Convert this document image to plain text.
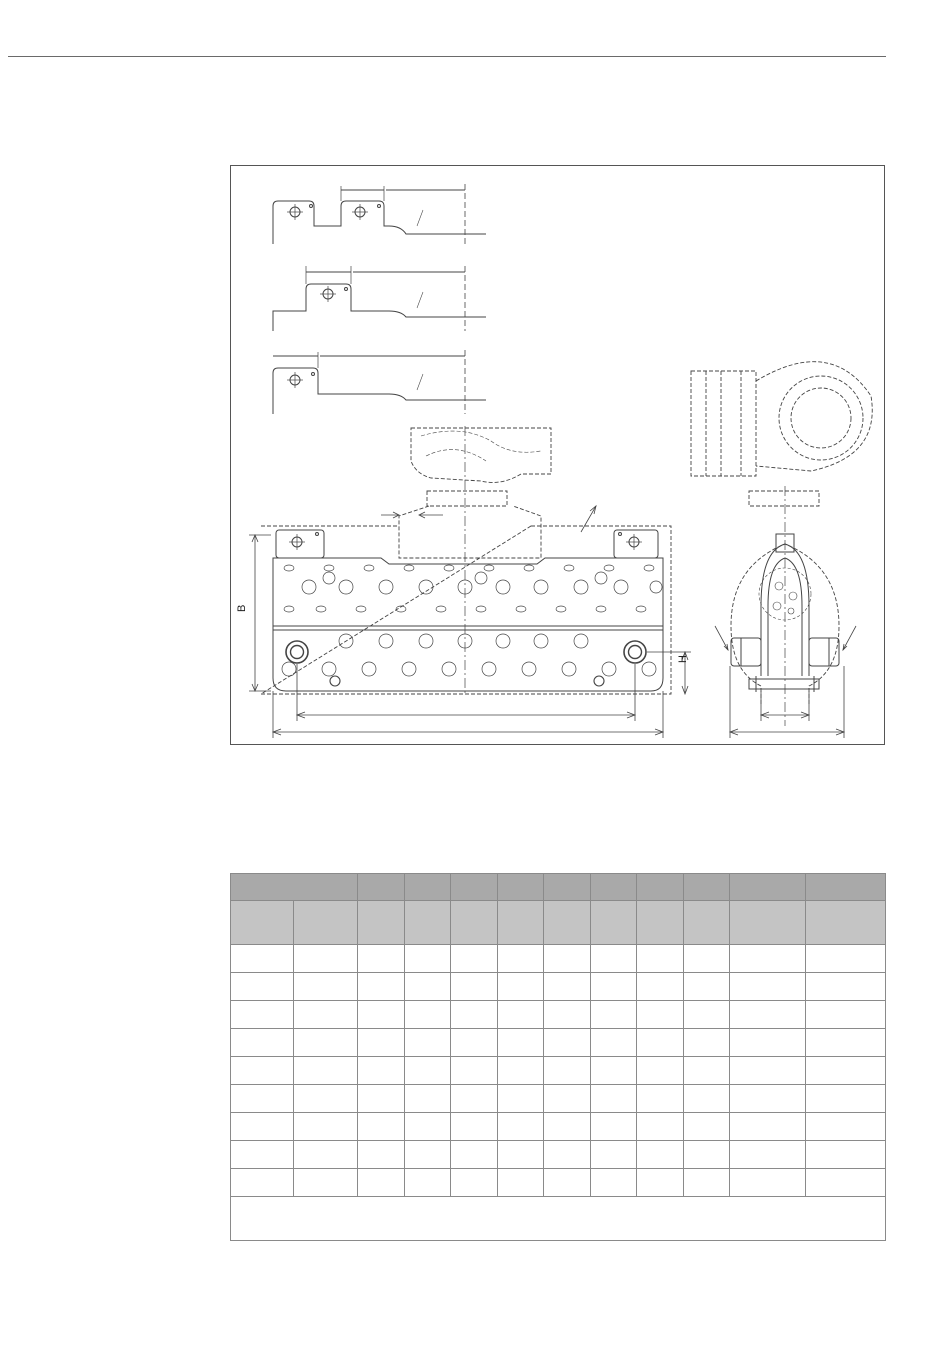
B
H
